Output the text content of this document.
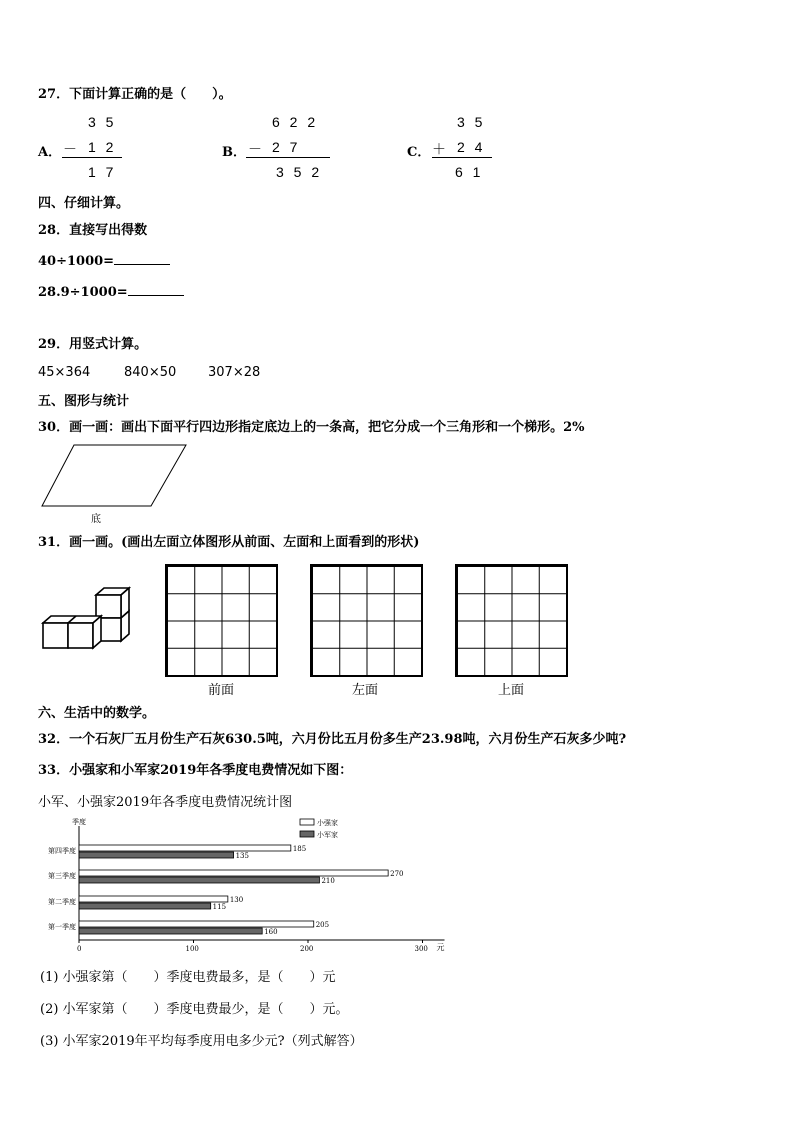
27．下面计算正确的是（　　）。
A．
3 5
－ 1 2
1 7
B．
6 2 2
－ 2 7
3 5 2
C．
3 5
＋ 2 4
6 1
四、仔细计算。
28．直接写出得数
40÷1000=
28.9÷1000=
29．用竖式计算。
45×364	840×50 307×28
五、图形与统计
30．画一画：画出下面平行四边形指定底边上的一条高，把它分成一个三角形和一个梯形。2%
底
31．画一画。(画出左面立体图形从前面、左面和上面看到的形状)
前面	左面	上面
六、生活中的数学。
32．一个石灰厂五月份生产石灰630.5吨，六月份比五月份多生产23.98吨，六月份生产石灰多少吨?
33．小强家和小军家2019年各季度电费情况如下图：
小军、小强家2019年各季度电费情况统计图
季度
元
0	100	200	300
小强家
小军家
第一季度	205
160
第二季度	130
115
第三季度	270
210
第四季度	185
135
(1) 小强家第（　　）季度电费最多，是（　　）元
(2) 小军家第（　　）季度电费最少，是（　　）元。
(3) 小军家2019年平均每季度用电多少元?（列式解答）
